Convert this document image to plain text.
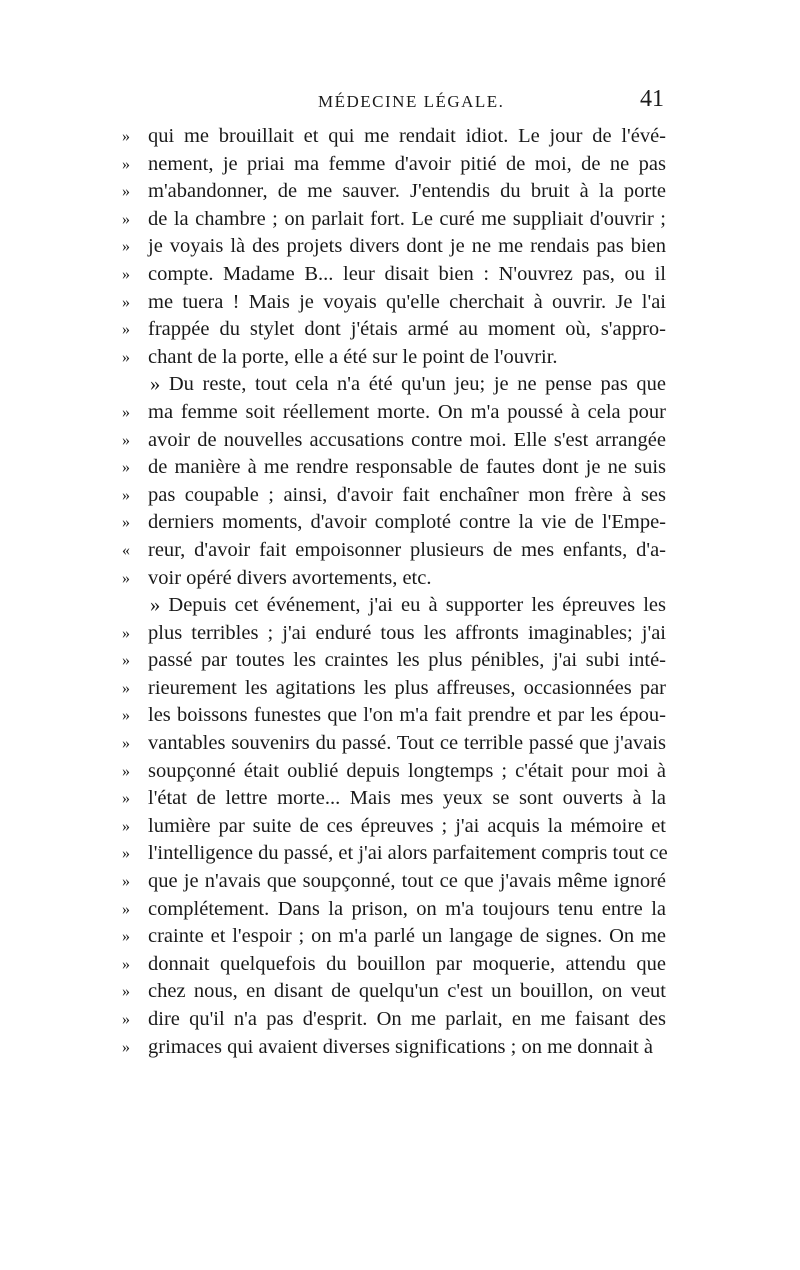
MÉDECINE LÉGALE.	41
» qui me brouillait et qui me rendait idiot. Le jour de l'évé-
» nement, je priai ma femme d'avoir pitié de moi, de ne pas
» m'abandonner, de me sauver. J'entendis du bruit à la porte
» de la chambre ; on parlait fort. Le curé me suppliait d'ouvrir ;
» je voyais là des projets divers dont je ne me rendais pas bien
» compte. Madame B... leur disait bien : N'ouvrez pas, ou il
» me tuera ! Mais je voyais qu'elle cherchait à ouvrir. Je l'ai
» frappée du stylet dont j'étais armé au moment où, s'appro-
» chant de la porte, elle a été sur le point de l'ouvrir.
» Du reste, tout cela n'a été qu'un jeu; je ne pense pas que
» ma femme soit réellement morte. On m'a poussé à cela pour
» avoir de nouvelles accusations contre moi. Elle s'est arrangée
» de manière à me rendre responsable de fautes dont je ne suis
» pas coupable ; ainsi, d'avoir fait enchaîner mon frère à ses
» derniers moments, d'avoir comploté contre la vie de l'Empe-
« reur, d'avoir fait empoisonner plusieurs de mes enfants, d'a-
» voir opéré divers avortements, etc.
» Depuis cet événement, j'ai eu à supporter les épreuves les
» plus terribles ; j'ai enduré tous les affronts imaginables; j'ai
» passé par toutes les craintes les plus pénibles, j'ai subi inté-
» rieurement les agitations les plus affreuses, occasionnées par
» les boissons funestes que l'on m'a fait prendre et par les épou-
» vantables souvenirs du passé. Tout ce terrible passé que j'avais
» soupçonné était oublié depuis longtemps ; c'était pour moi à
» l'état de lettre morte... Mais mes yeux se sont ouverts à la
» lumière par suite de ces épreuves ; j'ai acquis la mémoire et
» l'intelligence du passé, et j'ai alors parfaitement compris tout ce
» que je n'avais que soupçonné, tout ce que j'avais même ignoré
» complétement. Dans la prison, on m'a toujours tenu entre la
» crainte et l'espoir ; on m'a parlé un langage de signes. On me
» donnait quelquefois du bouillon par moquerie, attendu que
» chez nous, en disant de quelqu'un c'est un bouillon, on veut
» dire qu'il n'a pas d'esprit. On me parlait, en me faisant des
» grimaces qui avaient diverses significations ; on me donnait à
